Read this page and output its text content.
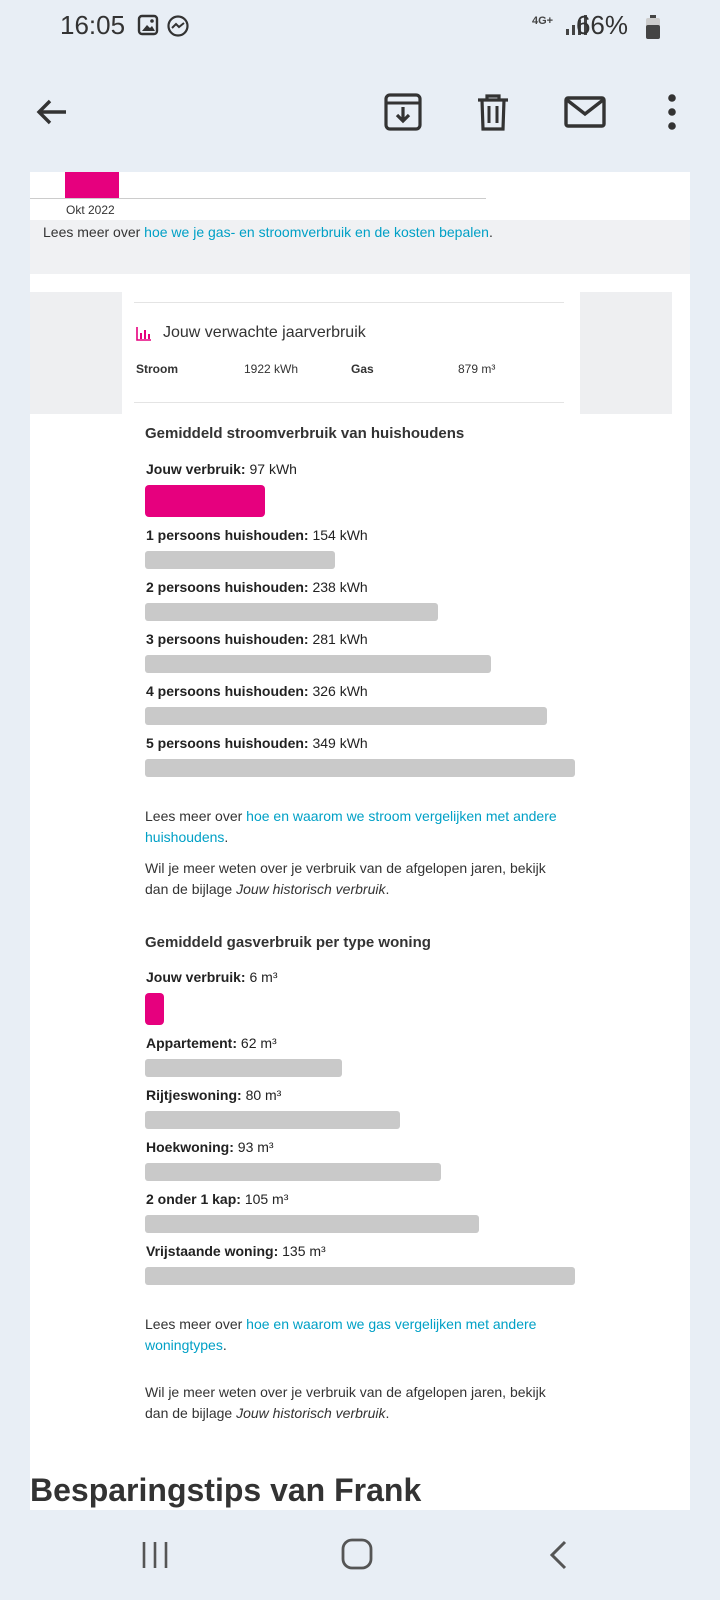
16:05	4G+ 66%
Okt 2022
Lees meer over hoe we je gas- en stroomverbruik en de kosten bepalen.
Jouw verwachte jaarverbruik
Stroom	1922 kWh	Gas	879 m³
Gemiddeld stroomverbruik van huishoudens
Jouw verbruik: 97 kWh
1 persoons huishouden: 154 kWh
2 persoons huishouden: 238 kWh
3 persoons huishouden: 281 kWh
4 persoons huishouden: 326 kWh
5 persoons huishouden: 349 kWh
Lees meer over hoe en waarom we stroom vergelijken met andere huishoudens.
Wil je meer weten over je verbruik van de afgelopen jaren, bekijk dan de bijlage Jouw historisch verbruik.
Gemiddeld gasverbruik per type woning
Jouw verbruik: 6 m³
Appartement: 62 m³
Rijtjeswoning: 80 m³
Hoekwoning: 93 m³
2 onder 1 kap: 105 m³
Vrijstaande woning: 135 m³
Lees meer over hoe en waarom we gas vergelijken met andere woningtypes.
Wil je meer weten over je verbruik van de afgelopen jaren, bekijk dan de bijlage Jouw historisch verbruik.
Besparingstips van Frank
